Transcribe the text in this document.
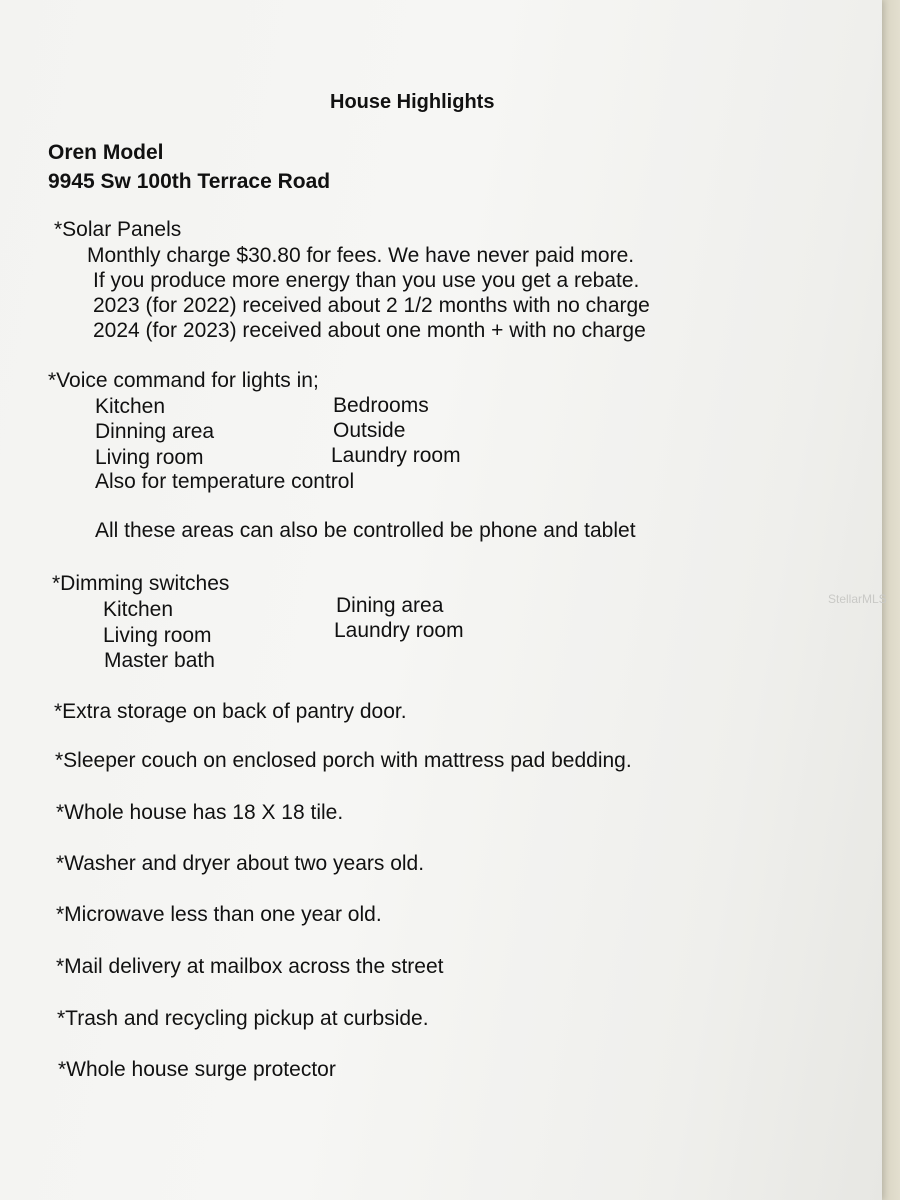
House Highlights
Oren Model
9945 Sw 100th Terrace Road
*Solar Panels
Monthly charge $30.80 for fees. We have never paid more.
If you produce more energy than you use you get a rebate.
2023 (for 2022) received about 2 1/2 months with no charge
2024 (for 2023) received about one month + with no charge
*Voice command for lights in;
Kitchen
Dinning area
Living room
Bedrooms
Outside
Laundry room
Also for temperature control
All these areas can also be controlled be phone and tablet
*Dimming switches
Kitchen
Living room
Master bath
Dining area
Laundry room
*Extra storage on back of pantry door.
*Sleeper couch on enclosed porch with mattress pad bedding.
*Whole house has 18 X 18 tile.
*Washer and dryer about two years old.
*Microwave less than one year old.
*Mail delivery at mailbox across the street
*Trash and recycling pickup at curbside.
*Whole house surge protector
StellarMLS
